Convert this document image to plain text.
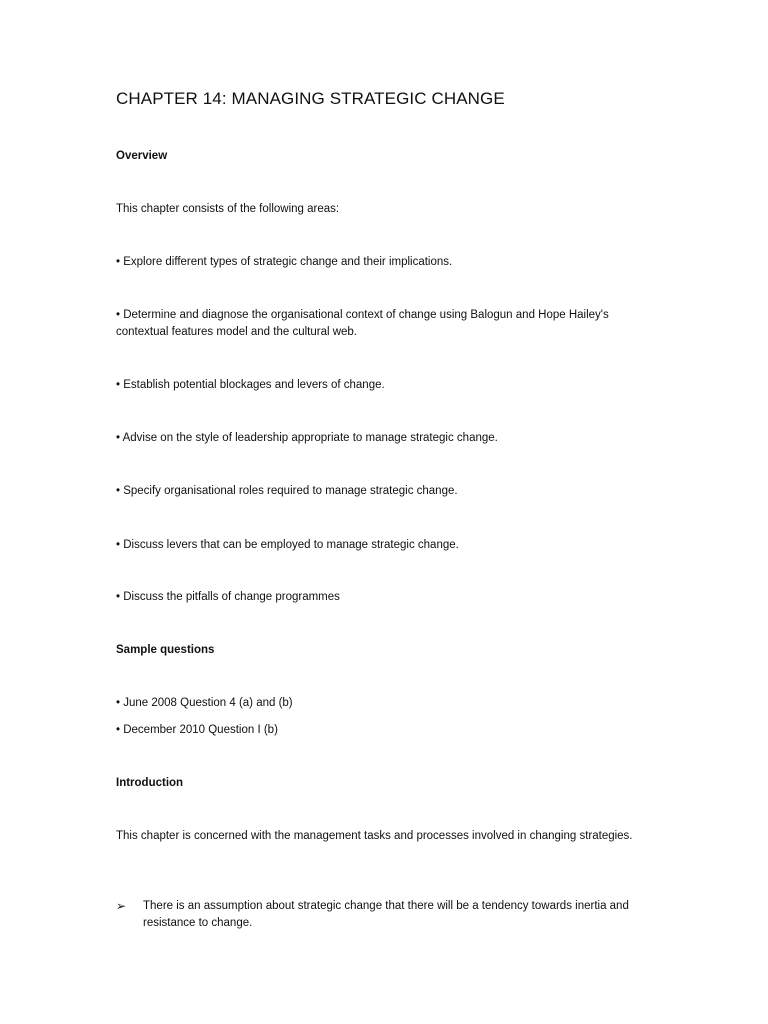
CHAPTER 14: MANAGING STRATEGIC CHANGE

Overview

This chapter consists of the following areas:

• Explore different types of strategic change and their implications.

• Determine and diagnose the organisational context of change using Balogun and Hope Hailey's contextual features model and the cultural web.

• Establish potential blockages and levers of change.

• Advise on the style of leadership appropriate to manage strategic change.

• Specify organisational roles required to manage strategic change.

• Discuss levers that can be employed to manage strategic change.

• Discuss the pitfalls of change programmes

Sample questions

• June 2008 Question 4 (a) and (b)

• December 2010 Question I (b)

Introduction

This chapter is concerned with the management tasks and processes involved in changing strategies.

➢ There is an assumption about strategic change that there will be a tendency towards inertia and resistance to change.
